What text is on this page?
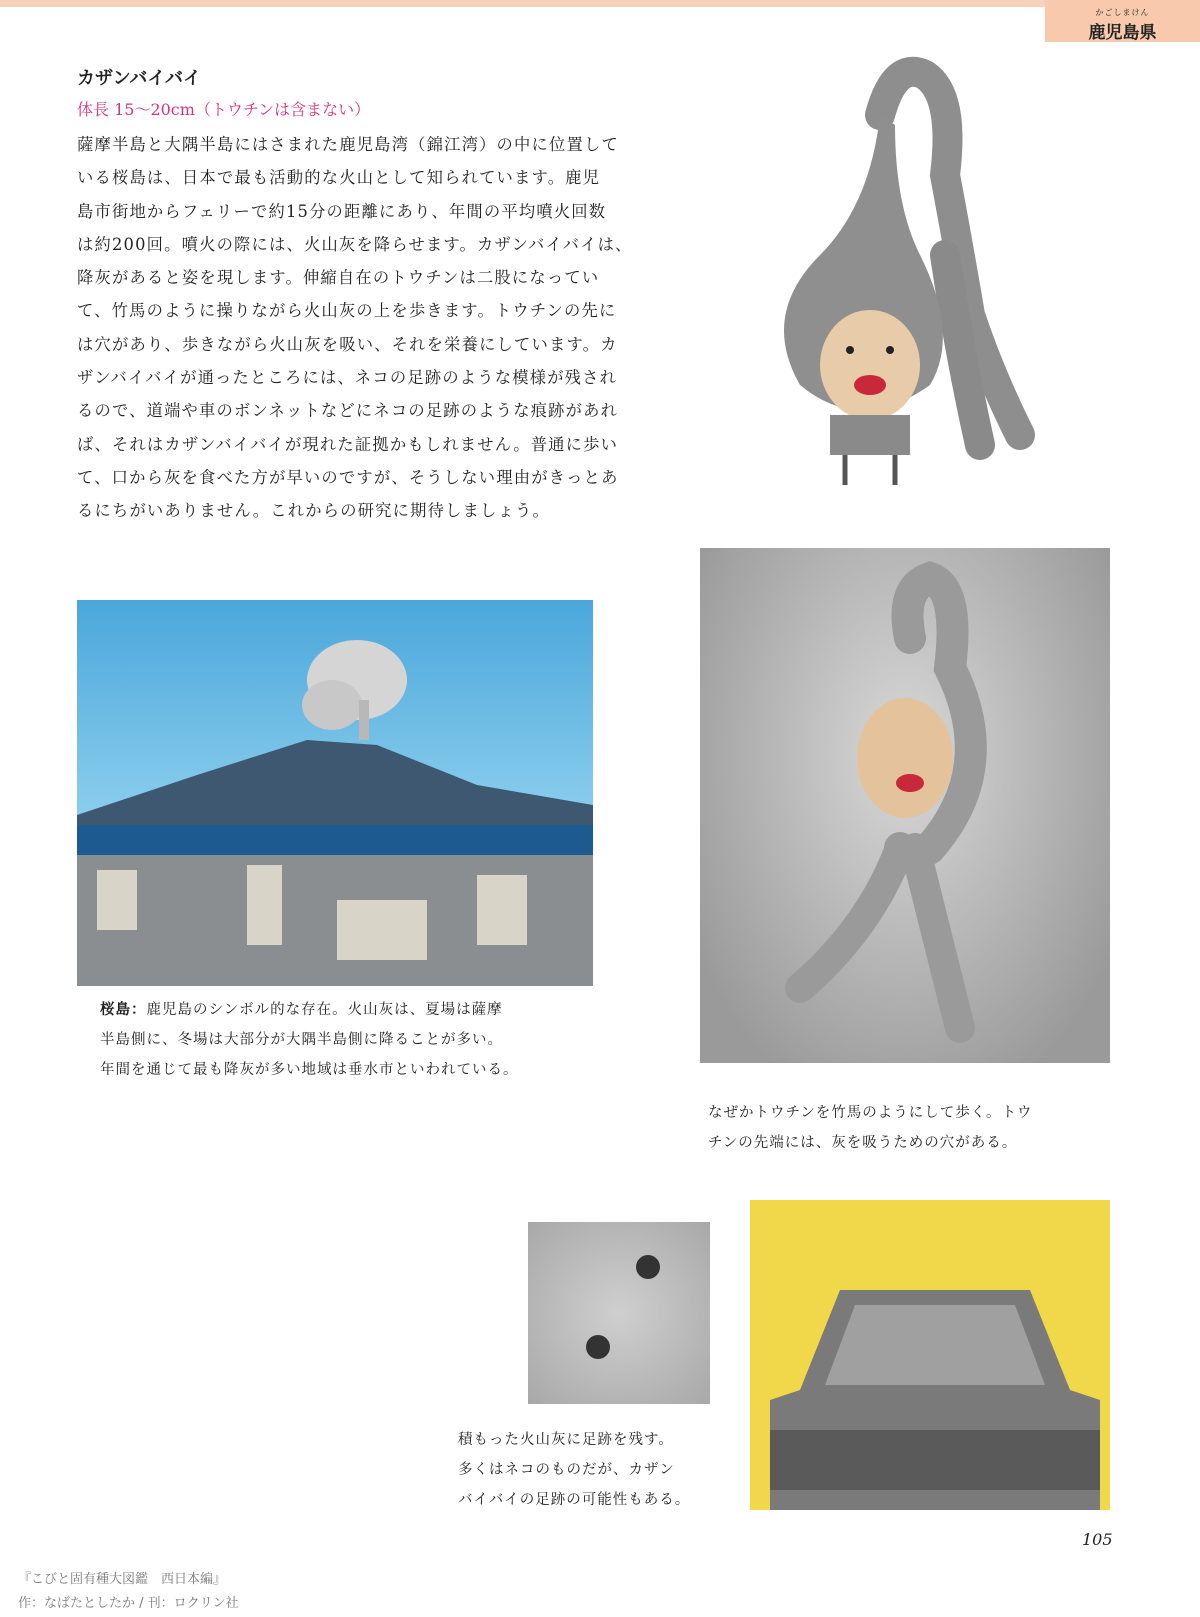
かごしまけん
鹿児島県
カザンバイバイ
体長 15〜20cm（トウチンは含まない）
薩摩半島と大隅半島にはさまれた鹿児島湾（錦江湾）の中に位置して
いる桜島は、日本で最も活動的な火山として知られています。鹿児
島市街地からフェリーで約15分の距離にあり、年間の平均噴火回数
は約200回。噴火の際には、火山灰を降らせます。カザンバイバイは、
降灰があると姿を現します。伸縮自在のトウチンは二股になってい
て、竹馬のように操りながら火山灰の上を歩きます。トウチンの先に
は穴があり、歩きながら火山灰を吸い、それを栄養にしています。カ
ザンバイバイが通ったところには、ネコの足跡のような模様が残され
るので、道端や車のボンネットなどにネコの足跡のような痕跡があれ
ば、それはカザンバイバイが現れた証拠かもしれません。普通に歩い
て、口から灰を食べた方が早いのですが、そうしない理由がきっとあ
るにちがいありません。これからの研究に期待しましょう。
なぜかトウチンを竹馬のようにして歩く。トウ
チンの先端には、灰を吸うための穴がある。
桜島：鹿児島のシンボル的な存在。火山灰は、夏場は薩摩
半島側に、冬場は大部分が大隅半島側に降ることが多い。
年間を通じて最も降灰が多い地域は垂水市といわれている。
積もった火山灰に足跡を残す。
多くはネコのものだが、カザン
バイバイの足跡の可能性もある。
105
『こびと固有種大図鑑　西日本編』
作：なばたとしたか / 刊：ロクリン社
